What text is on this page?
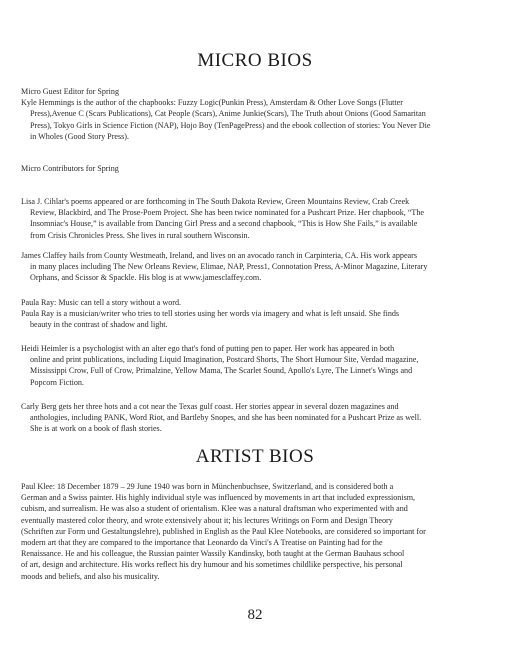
MICRO BIOS
Micro Guest Editor for Spring
Kyle Hemmings is the author of the chapbooks: Fuzzy Logic(Punkin Press), Amsterdam & Other Love Songs (Flutter
Press),Avenue C (Scars Publications), Cat People (Scars), Anime Junkie(Scars), The Truth about Onions (Good Samaritan
Press), Tokyo Girls in Science Fiction (NAP), Hojo Boy (TenPagePress) and the ebook collection of stories: You Never Die
in Wholes (Good Story Press).
Micro Contributors for Spring
Lisa J. Cihlar's poems appeared or are forthcoming in The South Dakota Review, Green Mountains Review, Crab Creek
Review, Blackbird, and The Prose-Poem Project. She has been twice nominated for a Pushcart Prize. Her chapbook, “The
Insomniac's House,” is available from Dancing Girl Press and a second chapbook, “This is How She Fails,” is available
from Crisis Chronicles Press. She lives in rural southern Wisconsin.
James Claffey hails from County Westmeath, Ireland, and lives on an avocado ranch in Carpinteria, CA. His work appears
in many places including The New Orleans Review, Elimae, NAP, Press1, Connotation Press, A-Minor Magazine, Literary
Orphans, and Scissor & Spackle. His blog is at www.jamesclaffey.com.
Paula Ray: Music can tell a story without a word.
Paula Ray is a musician/writer who tries to tell stories using her words via imagery and what is left unsaid. She finds
beauty in the contrast of shadow and light.
Heidi Heimler is a psychologist with an alter ego that's fond of putting pen to paper. Her work has appeared in both
online and print publications, including Liquid Imagination, Postcard Shorts, The Short Humour Site, Verdad magazine,
Mississippi Crow, Full of Crow, Primalzine, Yellow Mama, The Scarlet Sound, Apollo's Lyre, The Linnet's Wings and
Popcorn Fiction.
Carly Berg gets her three hots and a cot near the Texas gulf coast. Her stories appear in several dozen magazines and
anthologies, including PANK, Word Riot, and Bartleby Snopes, and she has been nominated for a Pushcart Prize as well.
She is at work on a book of flash stories.
ARTIST BIOS
Paul Klee: 18 December 1879 – 29 June 1940 was born in Münchenbuchsee, Switzerland, and is considered both a
German and a Swiss painter. His highly individual style was influenced by movements in art that included expressionism,
cubism, and surrealism. He was also a student of orientalism. Klee was a natural draftsman who experimented with and
eventually mastered color theory, and wrote extensively about it; his lectures Writings on Form and Design Theory
(Schriften zur Form und Gestaltungslehre), published in English as the Paul Klee Notebooks, are considered so important for
modern art that they are compared to the importance that Leonardo da Vinci's A Treatise on Painting had for the
Renaissance. He and his colleague, the Russian painter Wassily Kandinsky, both taught at the German Bauhaus school
of art, design and architecture. His works reflect his dry humour and his sometimes childlike perspective, his personal
moods and beliefs, and also his musicality.
82
